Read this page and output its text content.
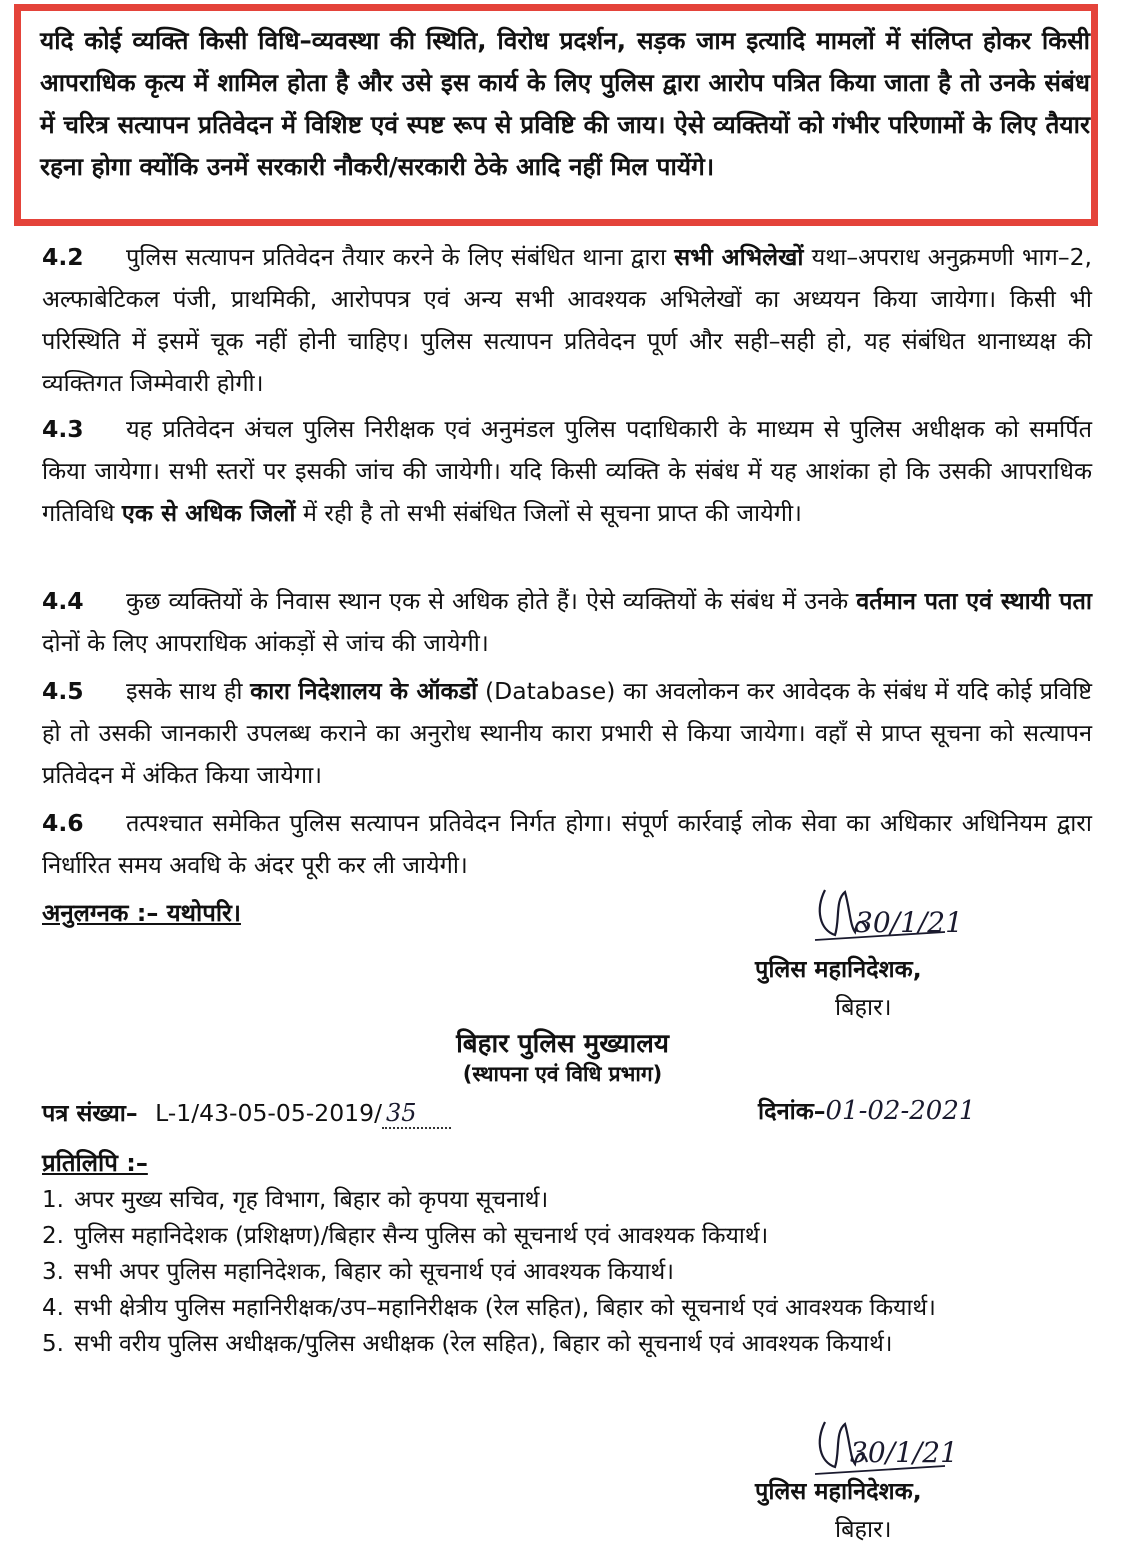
यदि कोई व्यक्ति किसी विधि–व्यवस्था की स्थिति, विरोध प्रदर्शन, सड़क जाम इत्यादि मामलों में संलिप्त होकर किसी आपराधिक कृत्य में शामिल होता है और उसे इस कार्य के लिए पुलिस द्वारा आरोप पत्रित किया जाता है तो उनके संबंध में चरित्र सत्यापन प्रतिवेदन में विशिष्ट एवं स्पष्ट रूप से प्रविष्टि की जाय। ऐसे व्यक्तियों को गंभीर परिणामों के लिए तैयार रहना होगा क्योंकि उनमें सरकारी नौकरी/सरकारी ठेके आदि नहीं मिल पायेंगे।

4.2 पुलिस सत्यापन प्रतिवेदन तैयार करने के लिए संबंधित थाना द्वारा सभी अभिलेखों यथा–अपराध अनुक्रमणी भाग–2, अल्फाबेटिकल पंजी, प्राथमिकी, आरोपपत्र एवं अन्य सभी आवश्यक अभिलेखों का अध्ययन किया जायेगा। किसी भी परिस्थिति में इसमें चूक नहीं होनी चाहिए। पुलिस सत्यापन प्रतिवेदन पूर्ण और सही–सही हो, यह संबंधित थानाध्यक्ष की व्यक्तिगत जिम्मेवारी होगी।

4.3 यह प्रतिवेदन अंचल पुलिस निरीक्षक एवं अनुमंडल पुलिस पदाधिकारी के माध्यम से पुलिस अधीक्षक को समर्पित किया जायेगा। सभी स्तरों पर इसकी जांच की जायेगी। यदि किसी व्यक्ति के संबंध में यह आशंका हो कि उसकी आपराधिक गतिविधि एक से अधिक जिलों में रही है तो सभी संबंधित जिलों से सूचना प्राप्त की जायेगी।

4.4 कुछ व्यक्तियों के निवास स्थान एक से अधिक होते हैं। ऐसे व्यक्तियों के संबंध में उनके वर्तमान पता एवं स्थायी पता दोनों के लिए आपराधिक आंकड़ों से जांच की जायेगी।

4.5 इसके साथ ही कारा निदेशालय के ऑकडों (Database) का अवलोकन कर आवेदक के संबंध में यदि कोई प्रविष्टि हो तो उसकी जानकारी उपलब्ध कराने का अनुरोध स्थानीय कारा प्रभारी से किया जायेगा। वहाँ से प्राप्त सूचना को सत्यापन प्रतिवेदन में अंकित किया जायेगा।

4.6 तत्पश्चात समेकित पुलिस सत्यापन प्रतिवेदन निर्गत होगा। संपूर्ण कार्रवाई लोक सेवा का अधिकार अधिनियम द्वारा निर्धारित समय अवधि के अंदर पूरी कर ली जायेगी।

अनुलग्नक :– यथोपरि।	30/1/21
पुलिस महानिदेशक,
बिहार।
बिहार पुलिस मुख्यालय
(स्थापना एवं विधि प्रभाग)
पत्र संख्या– L-1/43-05-05-2019/ 35	दिनांक–01-02-2021
प्रतिलिपि :–
1. अपर मुख्य सचिव, गृह विभाग, बिहार को कृपया सूचनार्थ।
2. पुलिस महानिदेशक (प्रशिक्षण)/बिहार सैन्य पुलिस को सूचनार्थ एवं आवश्यक कियार्थ।
3. सभी अपर पुलिस महानिदेशक, बिहार को सूचनार्थ एवं आवश्यक कियार्थ।
4. सभी क्षेत्रीय पुलिस महानिरीक्षक/उप–महानिरीक्षक (रेल सहित), बिहार को सूचनार्थ एवं आवश्यक कियार्थ।
5. सभी वरीय पुलिस अधीक्षक/पुलिस अधीक्षक (रेल सहित), बिहार को सूचनार्थ एवं आवश्यक कियार्थ।
30/1/21
पुलिस महानिदेशक,
बिहार।
